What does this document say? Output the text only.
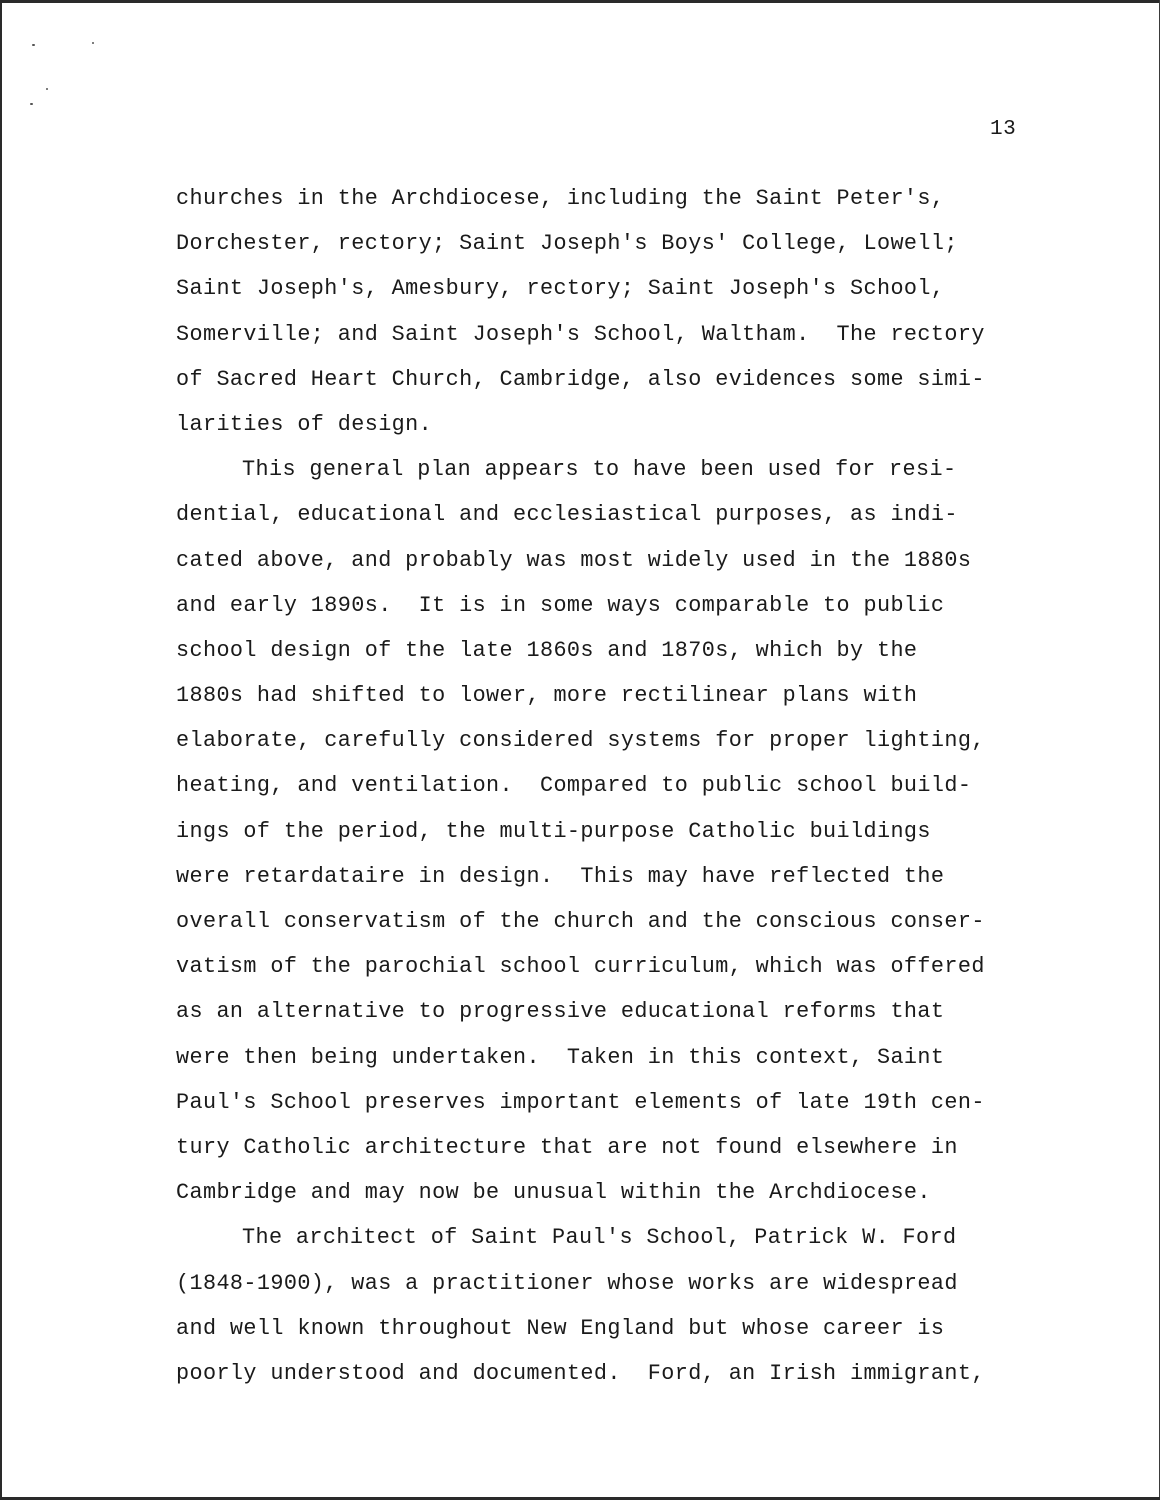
13
churches in the Archdiocese, including the Saint Peter's,
Dorchester, rectory; Saint Joseph's Boys' College, Lowell;
Saint Joseph's, Amesbury, rectory; Saint Joseph's School,
Somerville; and Saint Joseph's School, Waltham.  The rectory
of Sacred Heart Church, Cambridge, also evidences some simi-
larities of design.
This general plan appears to have been used for resi-
dential, educational and ecclesiastical purposes, as indi-
cated above, and probably was most widely used in the 1880s
and early 1890s.  It is in some ways comparable to public
school design of the late 1860s and 1870s, which by the
1880s had shifted to lower, more rectilinear plans with
elaborate, carefully considered systems for proper lighting,
heating, and ventilation.  Compared to public school build-
ings of the period, the multi-purpose Catholic buildings
were retardataire in design.  This may have reflected the
overall conservatism of the church and the conscious conser-
vatism of the parochial school curriculum, which was offered
as an alternative to progressive educational reforms that
were then being undertaken.  Taken in this context, Saint
Paul's School preserves important elements of late 19th cen-
tury Catholic architecture that are not found elsewhere in
Cambridge and may now be unusual within the Archdiocese.
The architect of Saint Paul's School, Patrick W. Ford
(1848-1900), was a practitioner whose works are widespread
and well known throughout New England but whose career is
poorly understood and documented.  Ford, an Irish immigrant,
